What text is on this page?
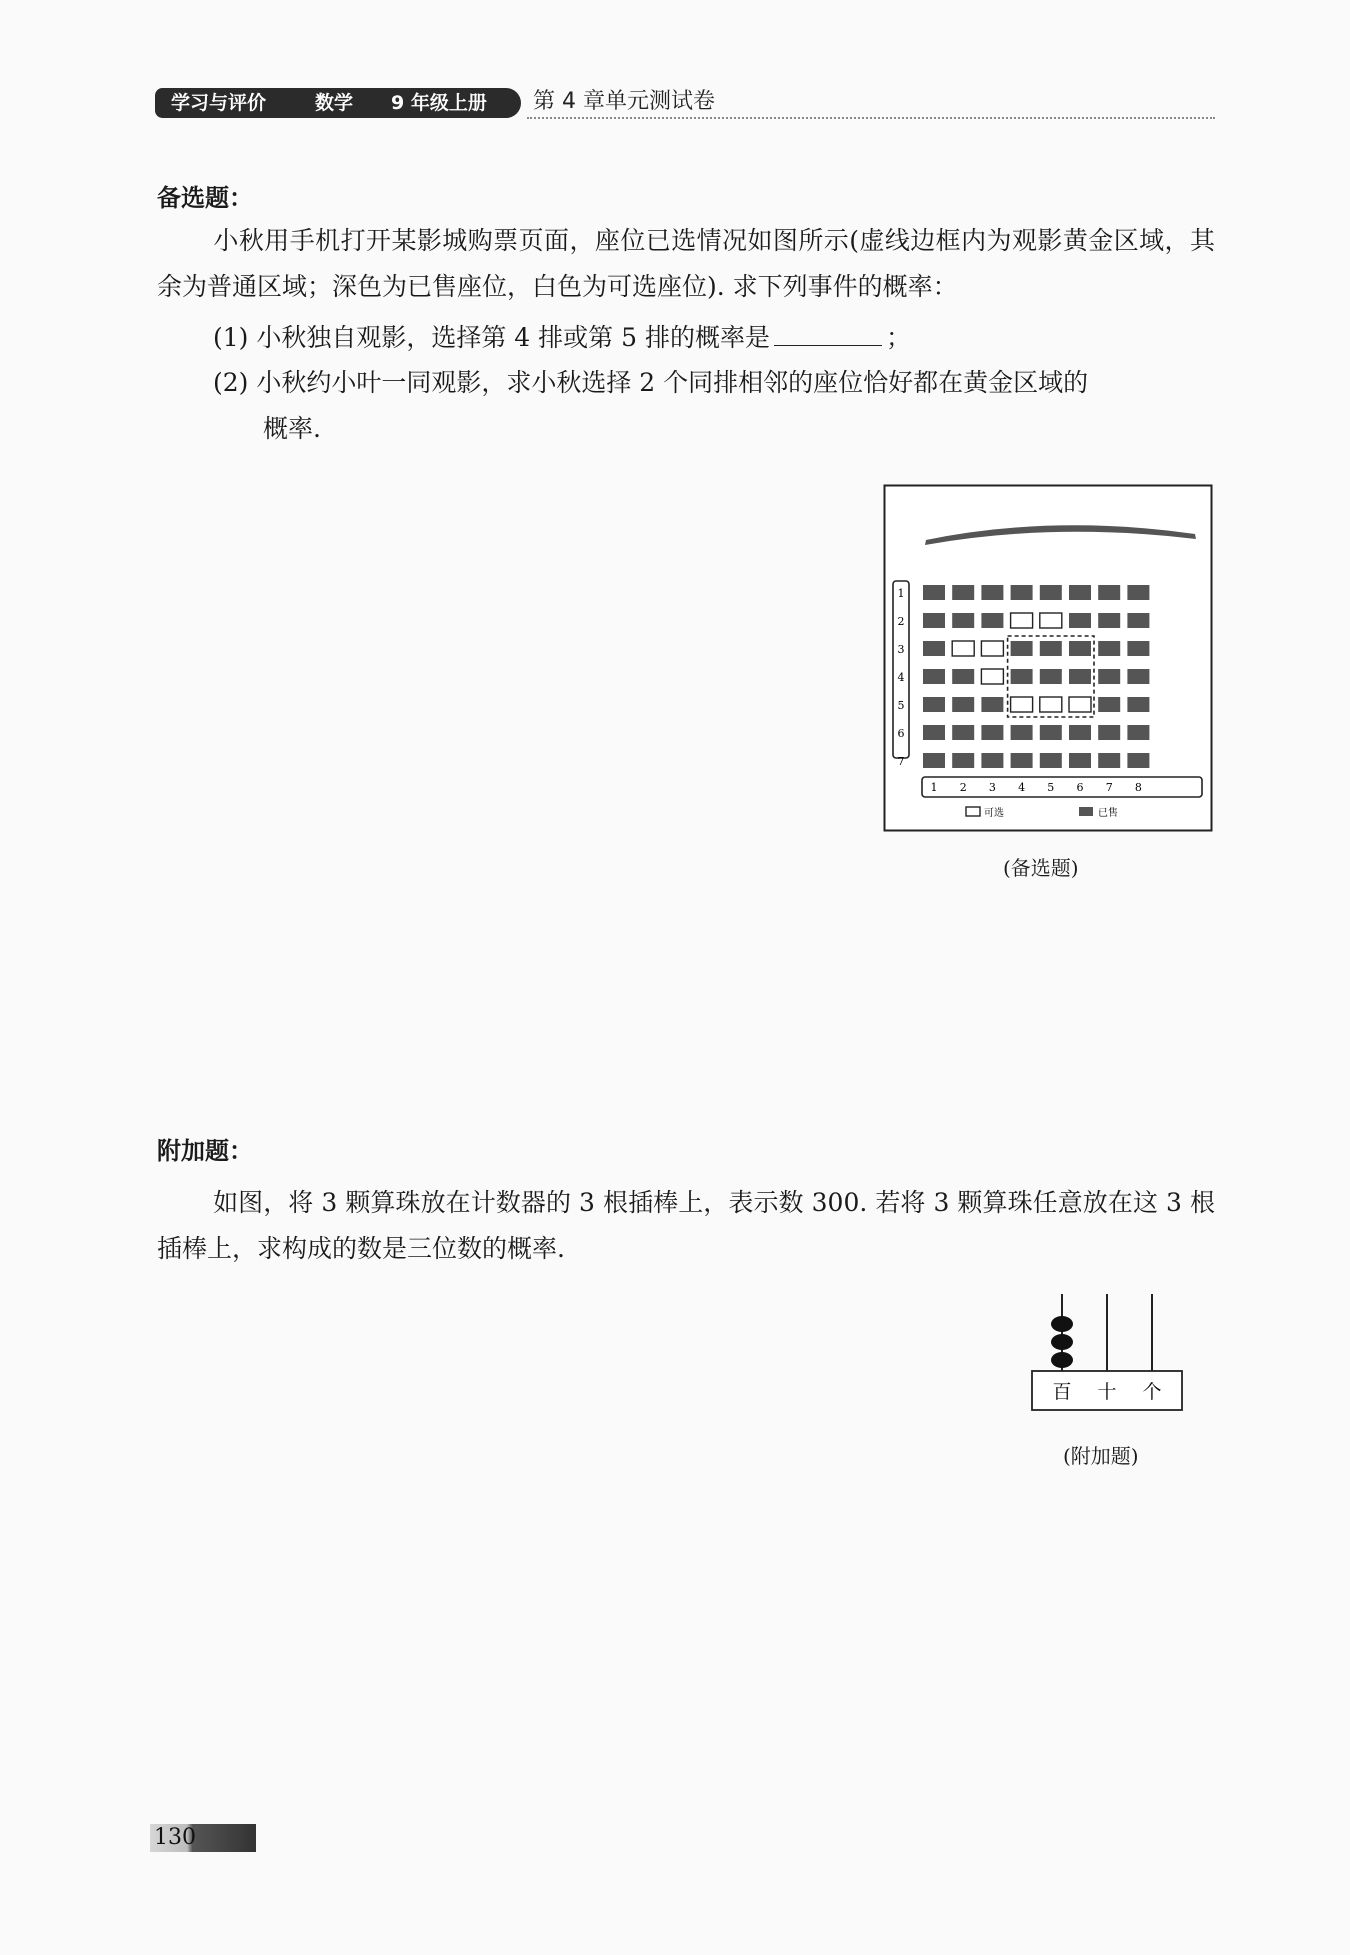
学习与评价	数学 9 年级上册 第 4 章单元测试卷
备选题：

小秋用手机打开某影城购票页面，座位已选情况如图所示(虚线边框内为观影黄金区域，其余为普通区域；深色为已售座位，白色为可选座位). 求下列事件的概率：

(1) 小秋独自观影，选择第 4 排或第 5 排的概率是	；
(2) 小秋约小叶一同观影，求小秋选择 2 个同排相邻的座位恰好都在黄金区域的
概率.
1
2
3
4
5
6
7
1 2 3 4 5 6 7 8
可选	已售
(备选题)
附加题：

如图，将 3 颗算珠放在计数器的 3 根插棒上，表示数 300. 若将 3 颗算珠任意放在这 3 根插棒上，求构成的数是三位数的概率.

百 十 个
(附加题)
130
